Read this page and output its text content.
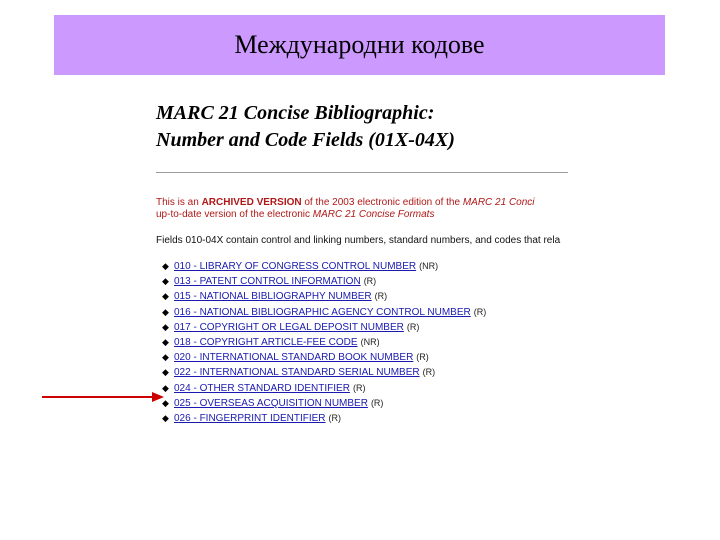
Международни кодове
MARC 21 Concise Bibliographic:
Number and Code Fields (01X-04X)
This is an ARCHIVED VERSION of the 2003 electronic edition of the MARC 21 Conci
up-to-date version of the electronic MARC 21 Concise Formats
Fields 010-04X contain control and linking numbers, standard numbers, and codes that rela
◆ 010 - LIBRARY OF CONGRESS CONTROL NUMBER (NR)
◆ 013 - PATENT CONTROL INFORMATION (R)
◆ 015 - NATIONAL BIBLIOGRAPHY NUMBER (R)
◆ 016 - NATIONAL BIBLIOGRAPHIC AGENCY CONTROL NUMBER (R)
◆ 017 - COPYRIGHT OR LEGAL DEPOSIT NUMBER (R)
◆ 018 - COPYRIGHT ARTICLE-FEE CODE (NR)
◆ 020 - INTERNATIONAL STANDARD BOOK NUMBER (R)
◆ 022 - INTERNATIONAL STANDARD SERIAL NUMBER (R)
◆ 024 - OTHER STANDARD IDENTIFIER (R)
◆ 025 - OVERSEAS ACQUISITION NUMBER (R)
◆ 026 - FINGERPRINT IDENTIFIER (R)
